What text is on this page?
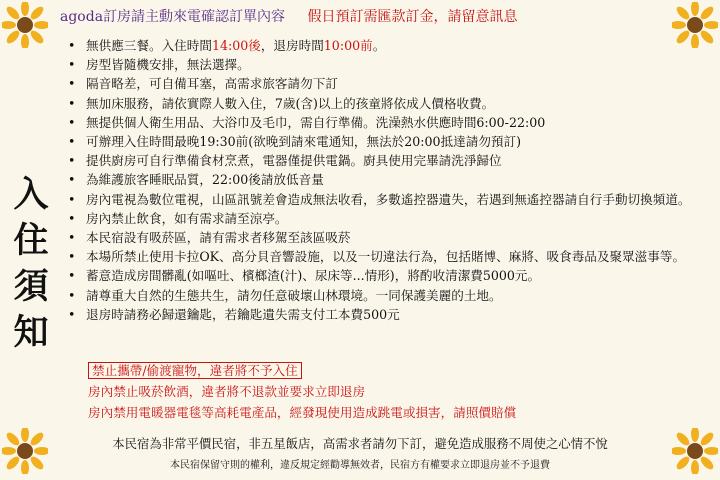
agoda訂房請主動來電確認訂單內容 假日預訂需匯款訂金，請留意訊息
入
住
須
知
• 無供應三餐。入住時間14:00後，退房時間10:00前。
• 房型皆隨機安排，無法選擇。
• 隔音略差，可自備耳塞，高需求旅客請勿下訂
• 無加床服務，請依實際人數入住，7歲(含)以上的孩童將依成人價格收費。
• 無提供個人衛生用品、大浴巾及毛巾，需自行準備。洗澡熱水供應時間6:00-22:00
• 可辦理入住時間最晚19:30前(欲晚到請來電通知，無法於20:00抵達請勿預訂)
• 提供廚房可自行準備食材烹煮，電器僅提供電鍋。廚具使用完畢請洗淨歸位
• 為維護旅客睡眠品質，22:00後請放低音量
• 房內電視為數位電視，山區訊號差會造成無法收看，多數遙控器遺失，若遇到無遙控器請自行手動切換頻道。
• 房內禁止飲食，如有需求請至涼亭。
• 本民宿設有吸菸區，請有需求者移駕至該區吸菸
• 本場所禁止使用卡拉OK、高分貝音響設施，以及一切違法行為，包括賭博、麻將、吸食毒品及聚眾滋事等。
• 蓄意造成房間髒亂(如嘔吐、檳榔渣(汁)、尿床等...情形)，將酌收清潔費5000元。
• 請尊重大自然的生態共生，請勿任意破壞山林環境。一同保護美麗的土地。
• 退房時請務必歸還鑰匙，若鑰匙遺失需支付工本費500元
禁止攜帶/偷渡寵物，違者將不予入住
房內禁止吸菸飲酒，違者將不退款並要求立即退房
房內禁用電暖器電毯等高耗電產品，經發現使用造成跳電或損害，請照價賠償
本民宿為非常平價民宿，非五星飯店，高需求者請勿下訂，避免造成服務不周使之心情不悅
本民宿保留守則的權利，違反規定經勸導無效者，民宿方有權要求立即退房並不予退費
